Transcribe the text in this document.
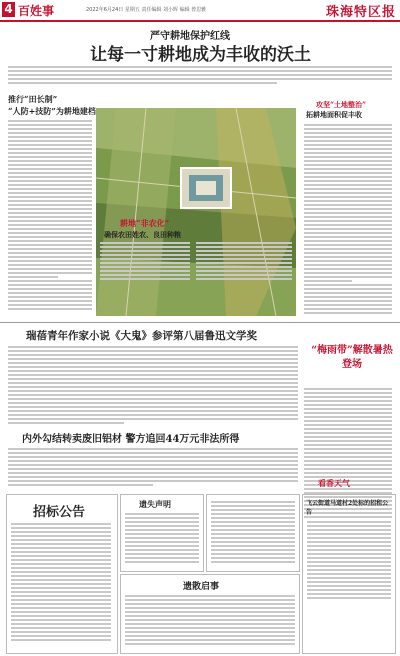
4 百姓事	2022年6月24日 星期五 责任编辑 刘小晖 编辑 曾思雅	珠海特区报
严守耕地保护红线
让每一寸耕地成为丰收的沃土
推行“田长制”
“人防+技防”为耕地建档
耕地“非农化”
确保农田姓农、良田种粮
攻坚“土地整治”
拓耕地面积促丰收
瑞蓓青年作家小说《大鬼》参评第八届鲁迅文学奖
“梅雨带”解散暑热登场
内外勾结转卖废旧铝材 警方追回44万元非法所得
招标公告
遗失声明
遗散启事
飞云街道马道村2处标的招租公告
看香天气
